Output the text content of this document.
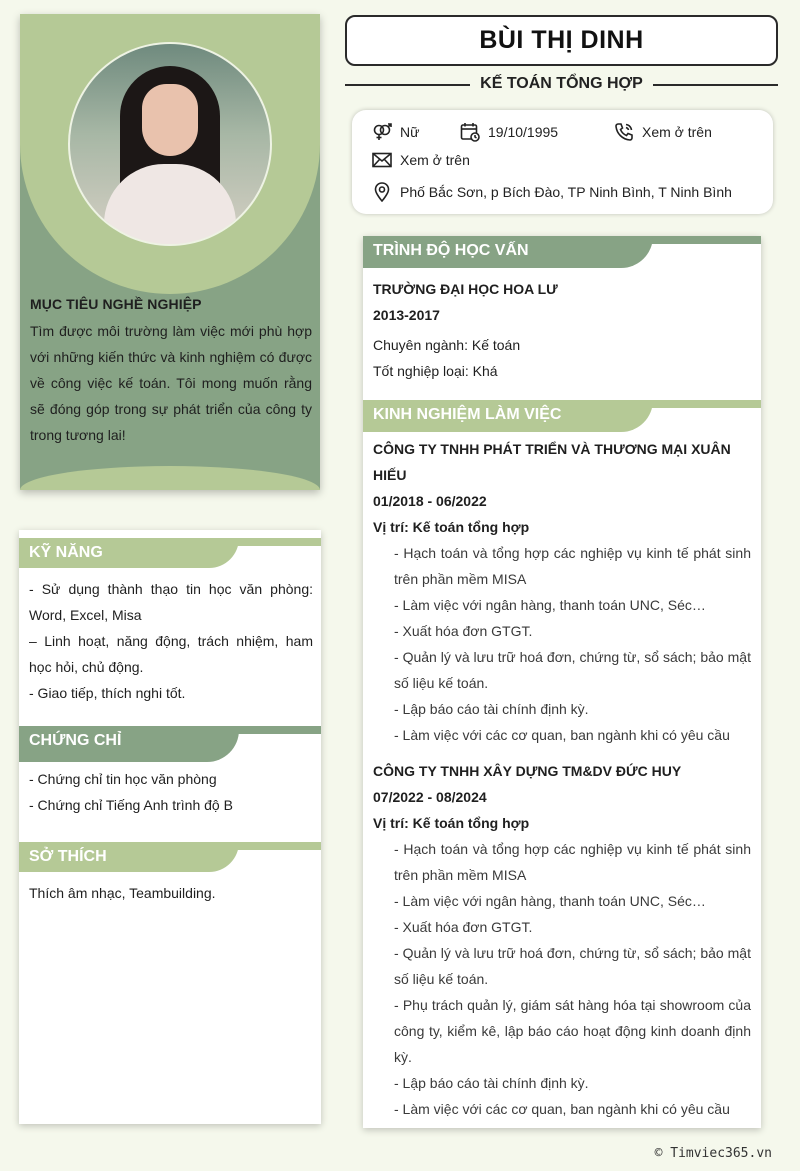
MỤC TIÊU NGHỀ NGHIỆP

Tìm được môi trường làm việc mới phù hợp với những kiến thức và kinh nghiệm có được về công việc kế toán. Tôi mong muốn rằng sẽ đóng góp trong sự phát triển của công ty trong tương lai!

KỸ NĂNG

- Sử dụng thành thạo tin học văn phòng: Word, Excel, Misa

– Linh hoạt, năng động, trách nhiệm, ham học hỏi, chủ động.

- Giao tiếp, thích nghi tốt.

CHỨNG CHỈ

- Chứng chỉ tin học văn phòng

- Chứng chỉ Tiếng Anh trình độ B

SỞ THÍCH

Thích âm nhạc, Teambuilding.

BÙI THỊ DINH
KẾ TOÁN TỔNG HỢP
Nữ	19/10/1995	Xem ở trên
Xem ở trên
Phố Bắc Sơn, p Bích Đào, TP Ninh Bình, T Ninh Bình
TRÌNH ĐỘ HỌC VẤN
TRƯỜNG ĐẠI HỌC HOA LƯ
2013-2017
Chuyên ngành: Kế toán
Tốt nghiệp loại: Khá
KINH NGHIỆM LÀM VIỆC
CÔNG TY TNHH PHÁT TRIỂN VÀ THƯƠNG MẠI XUÂN HIẾU
01/2018 - 06/2022
Vị trí: Kế toán tổng hợp
- Hạch toán và tổng hợp các nghiệp vụ kinh tế phát sinh trên phần mềm MISA
- Làm việc với ngân hàng, thanh toán UNC, Séc…
- Xuất hóa đơn GTGT.
- Quản lý và lưu trữ hoá đơn, chứng từ, sổ sách; bảo mật số liệu kế toán.
- Lập báo cáo tài chính định kỳ.
- Làm việc với các cơ quan, ban ngành khi có yêu cầu
CÔNG TY TNHH XÂY DỰNG TM&DV ĐỨC HUY
07/2022 - 08/2024
Vị trí: Kế toán tổng hợp
- Hạch toán và tổng hợp các nghiệp vụ kinh tế phát sinh trên phần mềm MISA
- Làm việc với ngân hàng, thanh toán UNC, Séc…
- Xuất hóa đơn GTGT.
- Quản lý và lưu trữ hoá đơn, chứng từ, sổ sách; bảo mật số liệu kế toán.
- Phụ trách quản lý, giám sát hàng hóa tại showroom của công ty, kiểm kê, lập báo cáo hoạt động kinh doanh định kỳ.
- Lập báo cáo tài chính định kỳ.
- Làm việc với các cơ quan, ban ngành khi có yêu cầu
© Timviec365.vn
